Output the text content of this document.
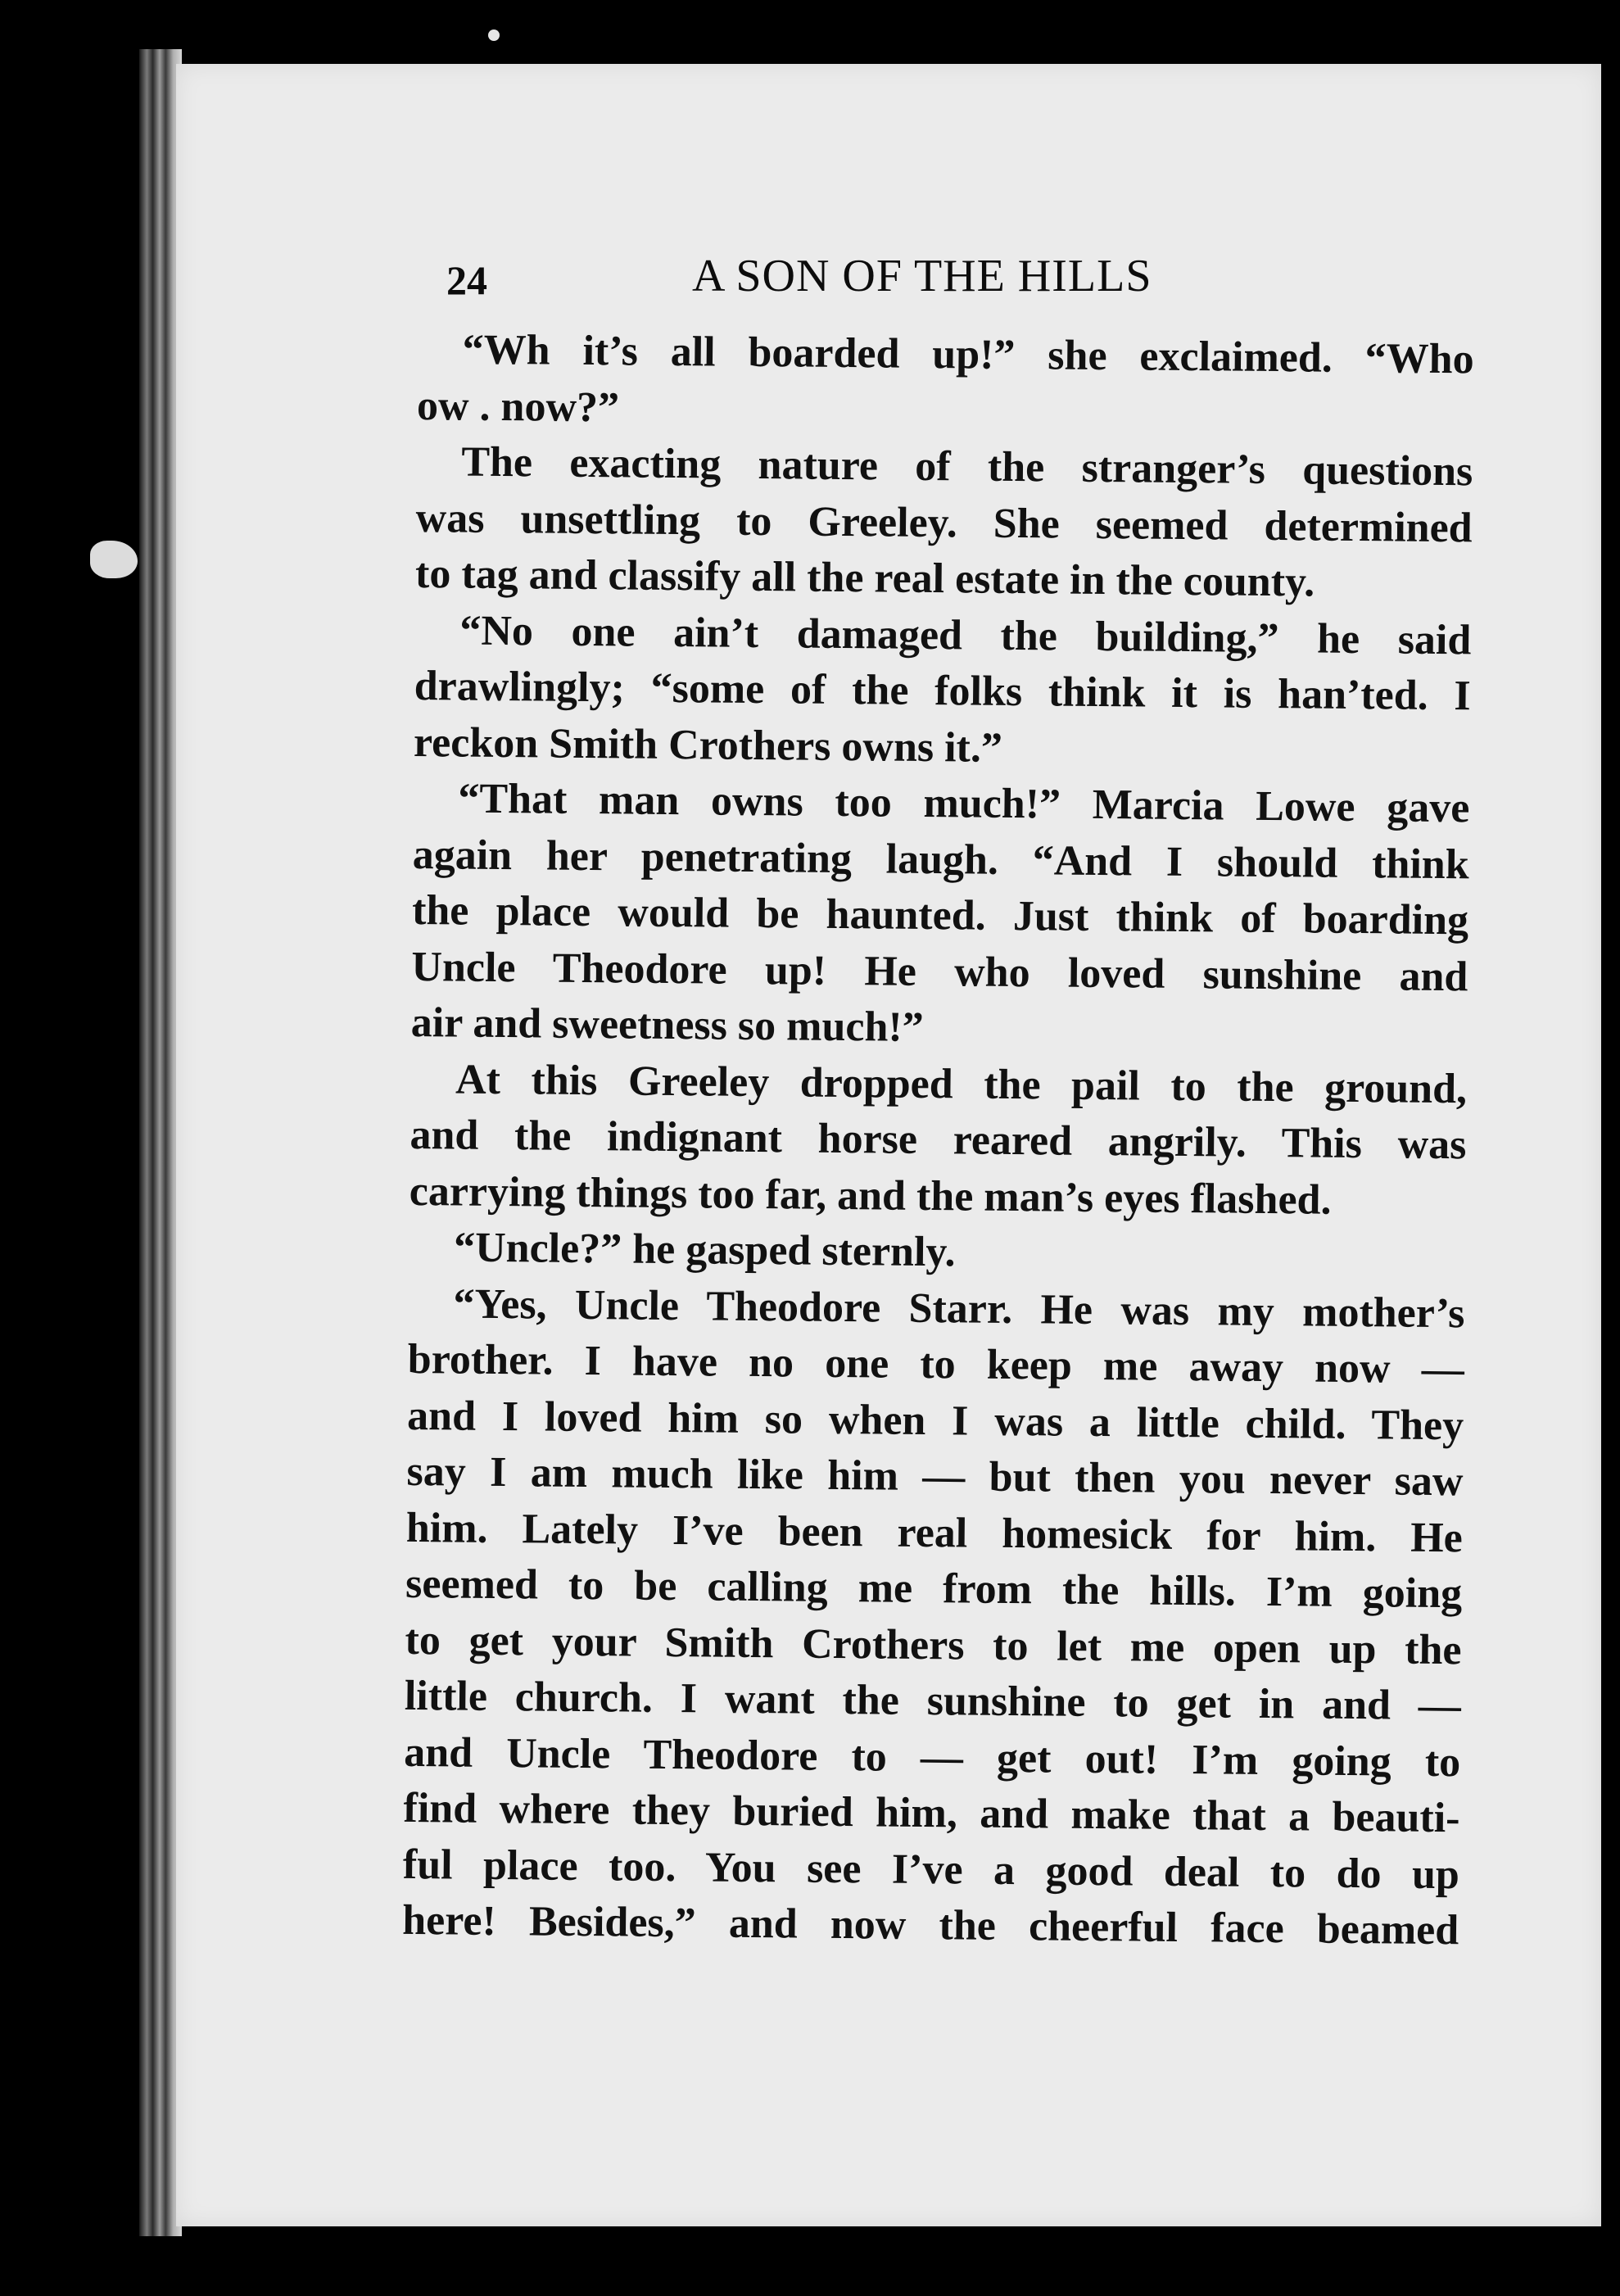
24	A SON OF THE HILLS
“Wh it’s all boarded up!” she exclaimed. “Who
ow . now?”
The exacting nature of the stranger’s questions
was unsettling to Greeley. She seemed determined
to tag and classify all the real estate in the county.
“No one ain’t damaged the building,” he said
drawlingly; “some of the folks think it is han’ted. I
reckon Smith Crothers owns it.”
“That man owns too much!” Marcia Lowe gave
again her penetrating laugh. “And I should think
the place would be haunted. Just think of boarding
Uncle Theodore up! He who loved sunshine and
air and sweetness so much!”
At this Greeley dropped the pail to the ground,
and the indignant horse reared angrily. This was
carrying things too far, and the man’s eyes flashed.
“Uncle?” he gasped sternly.
“Yes, Uncle Theodore Starr. He was my mother’s
brother. I have no one to keep me away now —
and I loved him so when I was a little child. They
say I am much like him — but then you never saw
him. Lately I’ve been real homesick for him. He
seemed to be calling me from the hills. I’m going
to get your Smith Crothers to let me open up the
little church. I want the sunshine to get in and —
and Uncle Theodore to — get out! I’m going to
find where they buried him, and make that a beauti-
ful place too. You see I’ve a good deal to do up
here! Besides,” and now the cheerful face beamed
